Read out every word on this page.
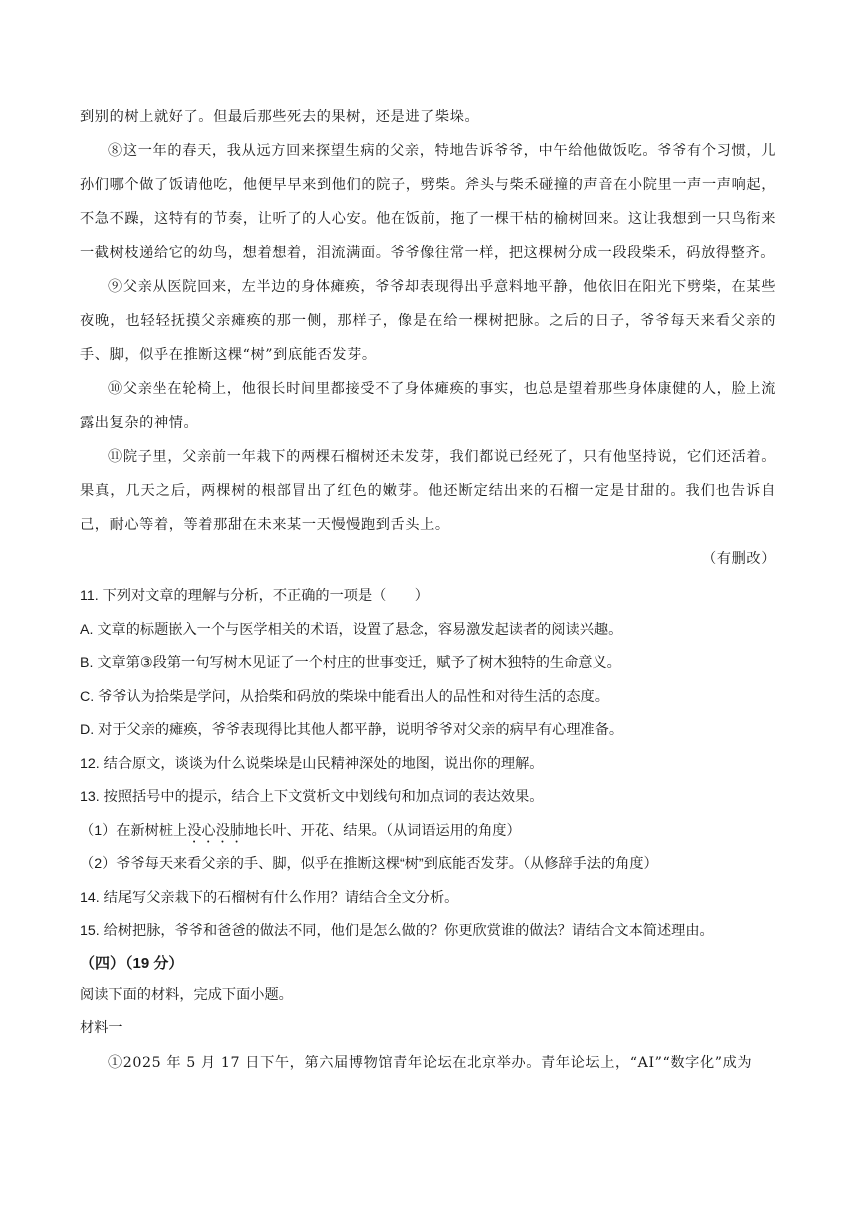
到别的树上就好了。但最后那些死去的果树，还是进了柴垛。

⑧这一年的春天，我从远方回来探望生病的父亲，特地告诉爷爷，中午给他做饭吃。爷爷有个习惯，儿孙们哪个做了饭请他吃，他便早早来到他们的院子，劈柴。斧头与柴禾碰撞的声音在小院里一声一声响起，不急不躁，这特有的节奏，让听了的人心安。他在饭前，拖了一棵干枯的榆树回来。这让我想到一只鸟衔来一截树枝递给它的幼鸟，想着想着，泪流满面。爷爷像往常一样，把这棵树分成一段段柴禾，码放得整齐。

⑨父亲从医院回来，左半边的身体瘫痪，爷爷却表现得出乎意料地平静，他依旧在阳光下劈柴，在某些夜晚，也轻轻抚摸父亲瘫痪的那一侧，那样子，像是在给一棵树把脉。之后的日子，爷爷每天来看父亲的手、脚，似乎在推断这棵“树”到底能否发芽。

⑩父亲坐在轮椅上，他很长时间里都接受不了身体瘫痪的事实，也总是望着那些身体康健的人，脸上流露出复杂的神情。

⑪院子里，父亲前一年栽下的两棵石榴树还未发芽，我们都说已经死了，只有他坚持说，它们还活着。果真，几天之后，两棵树的根部冒出了红色的嫩芽。他还断定结出来的石榴一定是甘甜的。我们也告诉自己，耐心等着，等着那甜在未来某一天慢慢跑到舌头上。

（有删改）

11. 下列对文章的理解与分析，不正确的一项是（　　）

A. 文章的标题嵌入一个与医学相关的术语，设置了悬念，容易激发起读者的阅读兴趣。

B. 文章第③段第一句写树木见证了一个村庄的世事变迁，赋予了树木独特的生命意义。

C. 爷爷认为拾柴是学问，从拾柴和码放的柴垛中能看出人的品性和对待生活的态度。

D. 对于父亲的瘫痪，爷爷表现得比其他人都平静，说明爷爷对父亲的病早有心理准备。

12. 结合原文，谈谈为什么说柴垛是山民精神深处的地图，说出你的理解。

13. 按照括号中的提示，结合上下文赏析文中划线句和加点词的表达效果。

（1）在新树桩上没心没肺地长叶、开花、结果。（从词语运用的角度）

（2）爷爷每天来看父亲的手、脚，似乎在推断这棵“树”到底能否发芽。（从修辞手法的角度）

14. 结尾写父亲栽下的石榴树有什么作用？请结合全文分析。

15. 给树把脉，爷爷和爸爸的做法不同，他们是怎么做的？你更欣赏谁的做法？请结合文本简述理由。

（四）（19 分）

阅读下面的材料，完成下面小题。

材料一

①2025 年 5 月 17 日下午，第六届博物馆青年论坛在北京举办。青年论坛上，“AI”“数字化”成为
